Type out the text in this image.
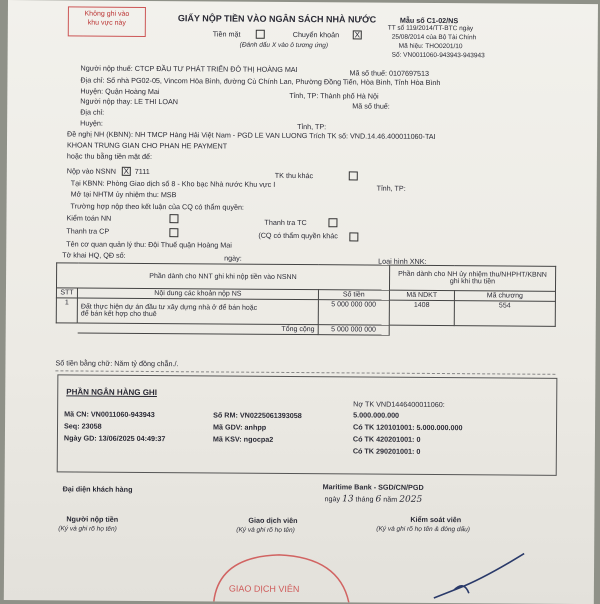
Không ghi vào
khu vực này	GIẤY NỘP TIỀN VÀO NGÂN SÁCH NHÀ NƯỚC	Mẫu số C1-02/NS
TT số 119/2014/TT-BTC ngày
25/08/2014 của Bộ Tài Chính
Mã hiệu: THO0201/10
Số: VN0011060-943943-943943
Tiền mặt	Chuyển khoản X
(Đánh dấu X vào ô tương ứng)
Người nộp thuế: CTCP ĐẦU TƯ PHÁT TRIỂN ĐÔ THỊ HOÀNG MAI	Mã số thuế: 0107697513
Địa chỉ: Số nhà PG02-05, Vincom Hòa Bình, đường Cù Chính Lan, Phường Đồng Tiến, Hòa Bình, Tỉnh Hòa Bình
Huyện: Quận Hoàng Mai	Tỉnh, TP: Thành phố Hà Nội
Người nộp thay: LE THI LOAN	Mã số thuế:
Địa chỉ:
Huyện:	Tỉnh, TP:
Đề nghị NH (KBNN): NH TMCP Hàng Hải Việt Nam - PGD LE VAN LUONG Trích TK số: VND.14.46.400011060-TAI
KHOAN TRUNG GIAN CHO PHAN HE PAYMENT
hoặc thu bằng tiền mặt để:
Nộp vào NSNN X 7111	TK thu khác
Tại KBNN: Phòng Giao dịch số 8 - Kho bạc Nhà nước Khu vực I	Tỉnh, TP:
Mở tại NHTM ủy nhiệm thu: MSB
Trường hợp nộp theo kết luận của CQ có thẩm quyền:
Kiểm toán NN	Thanh tra TC
Thanh tra CP	(CQ có thẩm quyền khác
Tên cơ quan quản lý thu: Đội Thuế quận Hoàng Mai
Tờ khai HQ, QĐ số:	ngày:	Loại hình XNK:
Phần dành cho NNT ghi khi nộp tiền vào NSNN			Phần dành cho NH ủy nhiệm thu/NHPHT/KBNN ghi khi thu tiền	
STT	Nội dung các khoản nộp NS	Số tiền	Mã NDKT	Mã chương
1	Đất thực hiện dự án đầu tư xây dựng nhà ở để bán hoặc
để bán kết hợp cho thuê	5 000 000 000	1408	554
	Tổng cộng	5 000 000 000		
Số tiền bằng chữ: Năm tỷ đồng chẵn./.
PHẦN NGÂN HÀNG GHI
Mã CN: VN0011060-943943
Seq: 23058
Ngày GD: 13/06/2025 04:49:37
Số RM: VN0225061393058
Mã GDV: anhpp
Mã KSV: ngocpa2
Nợ TK VND1446400011060:
5.000.000.000
Có TK 120101001: 5.000.000.000
Có TK 420201001: 0
Có TK 290201001: 0
Đại diện khách hàng	Maritime Bank - SGD/CN/PGD
ngày 13 tháng 6 năm 2025
Người nộp tiền
(Ký và ghi rõ họ tên)
Giao dịch viên
(Ký và ghi rõ họ tên)
Kiểm soát viên
(Ký và ghi rõ họ tên & đóng dấu)
GIAO DỊCH VIÊN
